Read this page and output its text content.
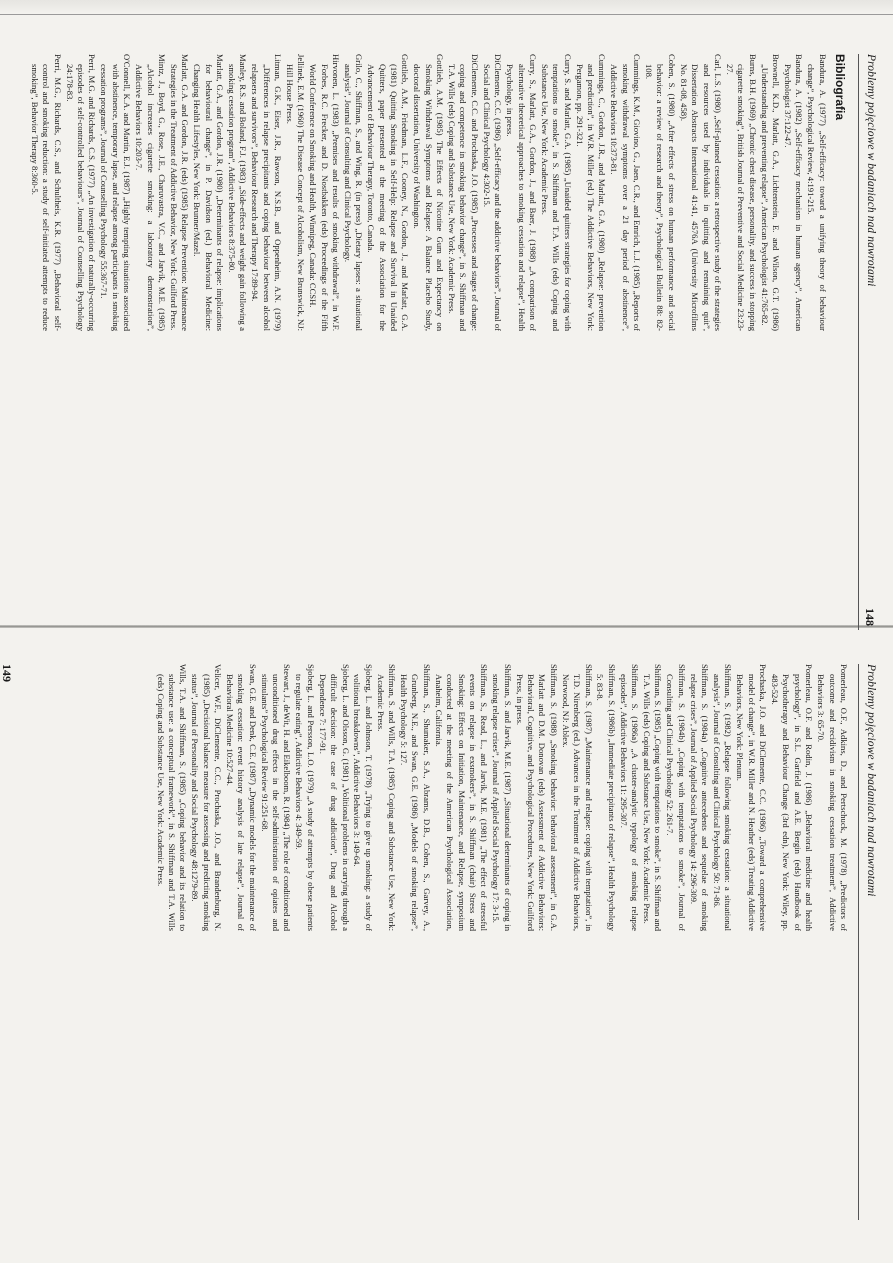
Problemy pojęciowe w badaniach nad nawrotami
148
Bibliografia

Bandura, A. (1977) „Self-efficacy: toward a unifying theory of behaviour change”, Psychological Review, 4:191-215.

Bandura, A. (1982) „Self-efficacy mechanism in human agency”, American Psychologist 37:122-47.

Brownell, K.D., Marlatt, G.A., Lichtenstein, E. and Wilson, G.T. (1986) „Understanding and preventing relapse”, American Psychologist 41:765-82.

Burns, B.H. (1969) „Chronic chest disease, personality, and success in stopping cigarette smoking”, British Journal of Preventive and Social Medicine 23:23-27.

Carl, L.S. (1980) „Self-planned cessation: a retrospective study of the strategies and resources used by individuals in quitting and remaining quit”, Dissertation Abstracts International 41:41, 4576A (University Microfilms No. 81-08, 458).

Cohen, S. (1980) „After effects of stress on human performance and social behavior: a review of research and theory”, Psychological Bulletin 88: 82-108.

Cummings, K.M., Giovino, G., Jaen, C.R., and Emrich, L.J. (1985) „Reports of smoking withdrawal symptoms over a 21 day period of abstinence”, Addictive Behaviors 10:373-81.

Cummings, C., Gordon, J.R., and Marlatt, G.A. (1980) „Relapse: prevention and prediction”, in W.R. Miller (ed.) The Addictive Behaviors, New York: Pergamon, pp. 291-321.

Curry, S. and Marlatt, G.A. (1985) „Unaided quitters strategies for coping with temptations to smoke”, in S. Shiffman and T.A. Wills (eds) Coping and Substance Use, New York: Academic Press.

Curry, S., Marlatt, G.A., Gordon, J., and Baer, J. (1988) „A comparison of alternative theoretical approaches to smoking cessation and relapse”, Health Psychology, in press.

DiClemente, C.C. (1986) „Self-efficacy and the addictive behaviors”, Journal of Social and Clinical Psychology 4:302-15.

DiClemente, C.C. and Prochaska, J.O. (1985) „Processes and stages of change: coping and competence in smoking behavior change”, in S. Shiffman and T.A. Wills (eds) Coping and Substance Use, New York: Academic Press.

Gottlieb, A.M. (1985) The Effects of Nicotine Gum and Expectancy on Smoking Withdrawal Symptoms and Relapse: A Balance Placebo Study, doctoral dissertation, University of Washington.

Gottlieb, A.M., Friedman, L.F., Cooney, N., Gordon, J., and Marlatt, G.A. (1981) Quitting Smoking in Self-Help: Relapse and Survival in Unaided Quitters, paper presented at the meeting of the Association for the Advancement of Behaviour Therapy, Toronto, Canada.

Grilo, C., Shiffman, S., and Wing, R. (in press) „Dietary lapses: a situational analysis”, Journal of Consulting and Clinical Psychology.

Hirvonen, L. (1983) „Premises and results of smoking withdrawal”, in W.F. Forbes, R.C. Frecker, and D. Nostbakken (eds) Proceedings of the Fifth World Conference on Smoking and Health, Winnipeg, Canada: CCSH.

Jellinek, E.M. (1960) The Disease Concept of Alcoholism, New Brunswick, NJ: Hill House Press.

Litman, G.K., Eiser, J.R., Rawson, N.S.B., and Oppenheim, A.N. (1979) „Differences in relapse precipitants and coping behaviour between alcohol relapsers and survivors”, Behaviour Research and Therapy 17:89-94.

Manley, R.S. and Boland, F.J. (1983) „Side-effects and weight gain following a smoking cessation program”, Addictive Behaviors 8:375-80.

Marlatt, G.A., and Gordon, J.R. (1980) „Determinants of relapse: implications for behavioural change”, in P. Davidson (ed.) Behavioral Medicine: Changing Health Lifestyles, New York: Brunner/Mazel.

Marlatt, G.A. and Gordon, J.R. (eds) (1985) Relapse Prevention: Maintenance Strategies in the Treatment of Addictive Behavior, New York: Guilford Press.

Mintz, J., Boyd, G., Rose, J.E., Charuvastra, V.C., and Jarvik, M.E. (1985) „Alcohol increases cigarette smoking: a laboratory demonstration”, Addictive Behaviors 10:203-7.

O'Connell, K.A. and Martin, E.J. (1987) „Highly tempting situations associated with abstinence, temporary lapse, and relapse among participants in smoking cessation programs”, Journal of Counselling Psychology 55:367-71.

Perri, M.G. and Richards, C.S. (1977) „An investigation of naturally-occurring episodes of self-controlled behaviours”, Journal of Counselling Psychology 24:178-83.

Perri, M.G., Richards, C.S., and Schultheis, K.R. (1977) „Behavioral self-control and smoking reduction: a study of self-initiated attempts to reduce smoking”, Behavior Therapy 8:360-5.

Problemy pojęciowe w badaniach nad nawrotami

Pomerleau, O.F., Adkins, D., and Pertschuck, M. (1978) „Predictors of outcome and recidivism in smoking cessation treatment”, Addictive Behaviors 3: 65-70.

Pomerleau, O.F. and Rodin, J. (1986) „Behavioral medicine and health psychology”, in S.L. Garfield and A.E. Bergin (eds) Handbook of Psychotherapy and Behaviour Change (3rd edn), New York: Wiley, pp. 483-524.

Prochaska, J.O. and DiClemente, C.C. (1986) „Toward a comprehensive model of change”, in W.R. Miller and N. Heather (eds) Treating Addictive Behaviors, New York: Plenum.

Shiffman, S. (1982) „Relapse following smoking cessation: a situational analysis”, Journal of Consulting and Clinical Psychology 50: 71-86.

Shiffman, S. (1984a) „Cognitive antecedents and sequelae of smoking relapse crises”, Journal of Applied Social Psychology 14: 296-309.

Shiffman, S. (1984b) „Coping with temptations to smoke”, Journal of Consulting and Clinical Psychology 52: 261-7.

Shiffman, S. (1985) „Coping with temptations to smoke”, in S. Shiffman and T.A. Wills (eds) Coping and Substance Use, New York: Academic Press.

Shiffman, S. (1986a) „A cluster-analytic typology of smoking relapse episodes”, Addictive Behaviors 11: 295-307.

Shiffman, S. (1986b) „Immediate precipitants of relapse”, Health Psychology 5: 83-8.

Shiffman, S. (1987) „Maintenance and relapse: coping with temptation”, in T.D. Nirenberg (ed.) Advances in the Treatment of Addictive Behaviors, Norwood, NJ: Ablex.

Shiffman, S. (1988) „Smoking behavior: behavioral assessment”, in G.A. Marlatt and D.M. Donovan (eds) Assessment of Addictive Behaviors: Behavioral, Cognitive, and Psychological Procedures, New York: Guilford Press, in press.

Shiffman, S. and Jarvik, M.E. (1987) „Situational determinants of coping in smoking relapse crises”, Journal of Applied Social Psychology 17: 3-15.

Shiffman, S., Read, L., and Jarvik, M.E. (1981) „The effect of stressful events on relapse in exsmokers”, in S. Shiffman (chair) Stress and Smoking: Effects on Initiation, Maintenance, and Relapse, symposium conducted at the meeting of the American Psychological Association, Anaheim, California.

Shiffman, S., Shumaker, S.A., Abrams, D.B., Cohen, S., Garvey, A., Grunberg, N.E., and Swan, G.E. (1986) „Models of smoking relapse”, Health Psychology 5: 127.

Shiffman, S. and Wills, T.A. (1985) Coping and Substance Use, New York: Academic Press.

Sjoberg, L. and Johnson, T. (1978) „Trying to give up smoking: a study of volitional breakdowns”, Addictive Behaviors 3: 149-64.

Sjoberg, L. and Olsson, G. (1981) „Volitional problems in carrying through a difficult decision: the case of drug addiction”, Drug and Alcohol Dependence 7: 177-91.

Sjoberg, L. and Persson, L.O. (1979) „A study of attempts by obese patients to regulate eating”, Addictive Behaviors 4: 349-59.

Stewart, J., deWit, H. and Eikelboom, R. (1984) „The role of conditioned and unconditioned drug effects in the self-administration of opiates and stimulants” Psychological Review 91:251-68.

Swan, G.E. and Denk, C.E. (1987) „Dynamic models for the maintenance of smoking cessation: event history analysis of late relapse”, Journal of Behavioral Medicine 10:527-44.

Velicer, W.F., DiClemente, C.C., Prochaska, J.O., and Brandenburg, N. (1985) „Decisional balance measure for assessing and predicting smoking status”, Journal of Personality and Social Psychology 48:1279-89.

Wills, T.A. and Shiffman, S. (1985) „Coping behavior and its relation to substance use: a conceptual framework”, in S. Shiffman and T.A. Wills (eds) Coping and Substance Use, New York: Academic Press.

149
